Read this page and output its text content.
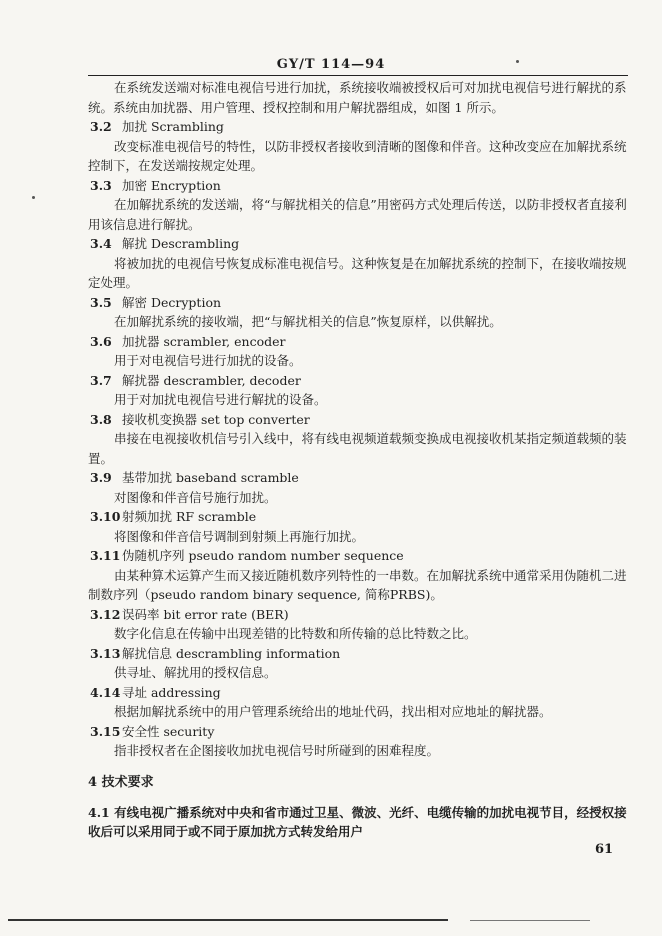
GY/T 114—94
在系统发送端对标准电视信号进行加扰，系统接收端被授权后可对加扰电视信号进行解扰的系统。系统由加扰器、用户管理、授权控制和用户解扰器组成，如图 1 所示。
3.2 加扰 Scrambling
改变标准电视信号的特性，以防非授权者接收到清晰的图像和伴音。这种改变应在加解扰系统控制下，在发送端按规定处理。
3.3 加密 Encryption
在加解扰系统的发送端，将“与解扰相关的信息”用密码方式处理后传送，以防非授权者直接利用该信息进行解扰。
3.4 解扰 Descrambling
将被加扰的电视信号恢复成标准电视信号。这种恢复是在加解扰系统的控制下，在接收端按规定处理。
3.5 解密 Decryption
在加解扰系统的接收端，把“与解扰相关的信息”恢复原样，以供解扰。
3.6 加扰器 scrambler, encoder
用于对电视信号进行加扰的设备。
3.7 解扰器 descrambler, decoder
用于对加扰电视信号进行解扰的设备。
3.8 接收机变换器 set top converter
串接在电视接收机信号引入线中，将有线电视频道载频变换成电视接收机某指定频道载频的装置。
3.9 基带加扰 baseband scramble
对图像和伴音信号施行加扰。
3.10 射频加扰 RF scramble
将图像和伴音信号调制到射频上再施行加扰。
3.11 伪随机序列 pseudo random number sequence
由某种算术运算产生而又接近随机数序列特性的一串数。在加解扰系统中通常采用伪随机二进制数序列（pseudo random binary sequence, 简称PRBS)。
3.12 误码率 bit error rate (BER)
数字化信息在传输中出现差错的比特数和所传输的总比特数之比。
3.13 解扰信息 descrambling information
供寻址、解扰用的授权信息。
4.14 寻址 addressing
根据加解扰系统中的用户管理系统给出的地址代码，找出相对应地址的解扰器。
3.15 安全性 security
指非授权者在企图接收加扰电视信号时所碰到的困难程度。
4 技术要求
4.1 有线电视广播系统对中央和省市通过卫星、微波、光纤、电缆传输的加扰电视节目，经授权接收后可以采用同于或不同于原加扰方式转发给用户
61
